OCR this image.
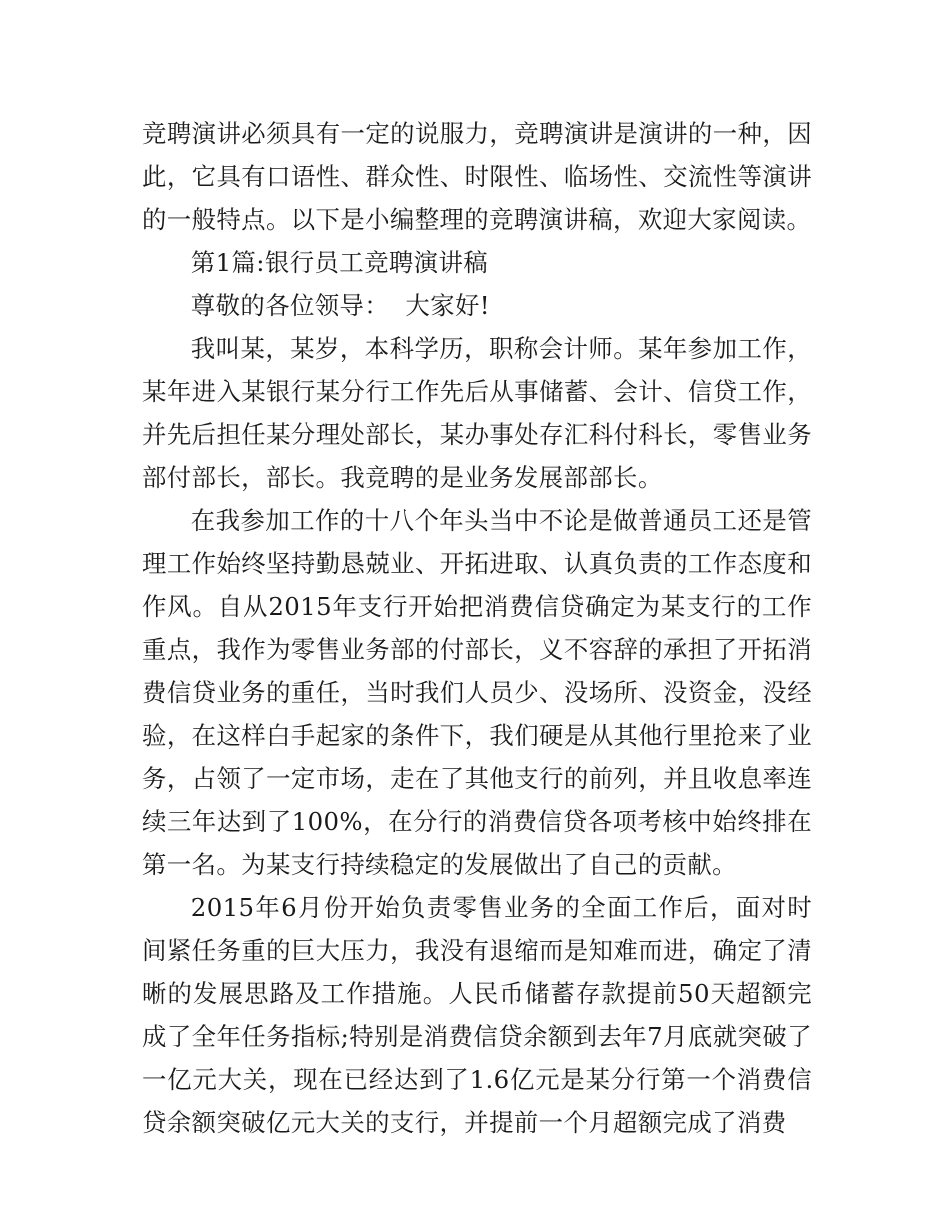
竞聘演讲必须具有一定的说服力，竞聘演讲是演讲的一种，因此，它具有口语性、群众性、时限性、临场性、交流性等演讲的一般特点。以下是小编整理的竞聘演讲稿，欢迎大家阅读。

第1篇:银行员工竞聘演讲稿

尊敬的各位领导：  大家好!

我叫某，某岁，本科学历，职称会计师。某年参加工作，某年进入某银行某分行工作先后从事储蓄、会计、信贷工作，并先后担任某分理处部长，某办事处存汇科付科长，零售业务部付部长，部长。我竞聘的是业务发展部部长。

在我参加工作的十八个年头当中不论是做普通员工还是管理工作始终坚持勤恳兢业、开拓进取、认真负责的工作态度和作风。自从2015年支行开始把消费信贷确定为某支行的工作重点，我作为零售业务部的付部长，义不容辞的承担了开拓消费信贷业务的重任，当时我们人员少、没场所、没资金，没经验，在这样白手起家的条件下，我们硬是从其他行里抢来了业务，占领了一定市场，走在了其他支行的前列，并且收息率连续三年达到了100%，在分行的消费信贷各项考核中始终排在第一名。为某支行持续稳定的发展做出了自己的贡献。

2015年6月份开始负责零售业务的全面工作后，面对时间紧任务重的巨大压力，我没有退缩而是知难而进，确定了清晰的发展思路及工作措施。人民币储蓄存款提前50天超额完成了全年任务指标;特别是消费信贷余额到去年7月底就突破了一亿元大关，现在已经达到了1.6亿元是某分行第一个消费信贷余额突破亿元大关的支行，并提前一个月超额完成了消费
